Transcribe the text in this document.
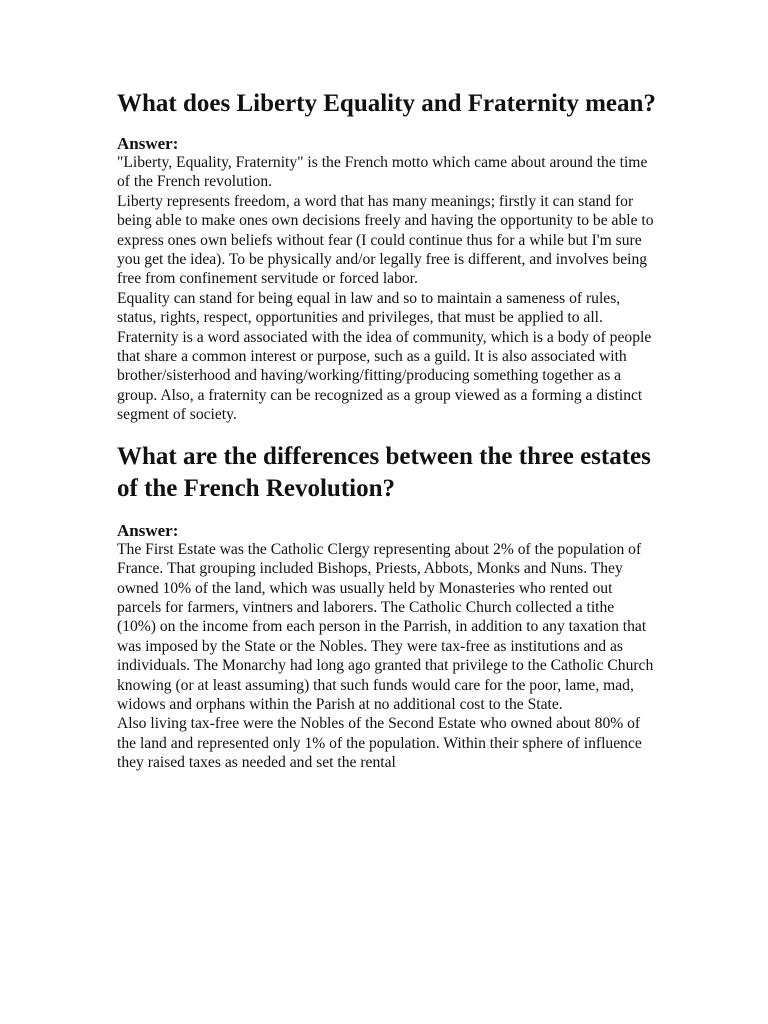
What does Liberty Equality and Fraternity mean?
Answer:

"Liberty, Equality, Fraternity" is the French motto which came about around the time of the French revolution.

Liberty represents freedom, a word that has many meanings; firstly it can stand for being able to make ones own decisions freely and having the opportunity to be able to express ones own beliefs without fear (I could continue thus for a while but I'm sure you get the idea). To be physically and/or legally free is different, and involves being free from confinement servitude or forced labor.

Equality can stand for being equal in law and so to maintain a sameness of rules, status, rights, respect, opportunities and privileges, that must be applied to all.

Fraternity is a word associated with the idea of community, which is a body of people that share a common interest or purpose, such as a guild. It is also associated with brother/sisterhood and having/working/fitting/producing something together as a group. Also, a fraternity can be recognized as a group viewed as a forming a distinct segment of society.

What are the differences between the three estates of the French Revolution?
Answer:

The First Estate was the Catholic Clergy representing about 2% of the population of France. That grouping included Bishops, Priests, Abbots, Monks and Nuns. They owned 10% of the land, which was usually held by Monasteries who rented out parcels for farmers, vintners and laborers. The Catholic Church collected a tithe (10%) on the income from each person in the Parrish, in addition to any taxation that was imposed by the State or the Nobles. They were tax-free as institutions and as individuals. The Monarchy had long ago granted that privilege to the Catholic Church knowing (or at least assuming) that such funds would care for the poor, lame, mad, widows and orphans within the Parish at no additional cost to the State.

Also living tax-free were the Nobles of the Second Estate who owned about 80% of the land and represented only 1% of the population. Within their sphere of influence they raised taxes as needed and set the rental
